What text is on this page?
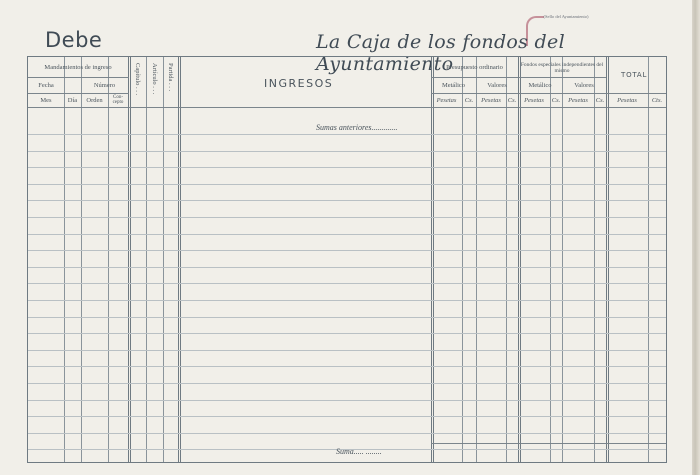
Debe
(Sello del Ayuntamiento)
La Caja de los fondos del Ayuntamiento
Mandamientos de ingreso
Fecha	Número
Mes	Día	Orden	Con-cepto
Capítulo . . . Artículo . . . Partida . . .	INGRESOS
Presupuesto ordinario	Fondos especiales independientes del mismo	TOTAL
Metálico	Valores	Metálico	Valores
Pesetas	Cs.	Pesetas	Cs.	Pesetas	Cs.	Pesetas	Cs.	Pesetas	Cts.
Sumas anteriores.............
Suma..... ........
